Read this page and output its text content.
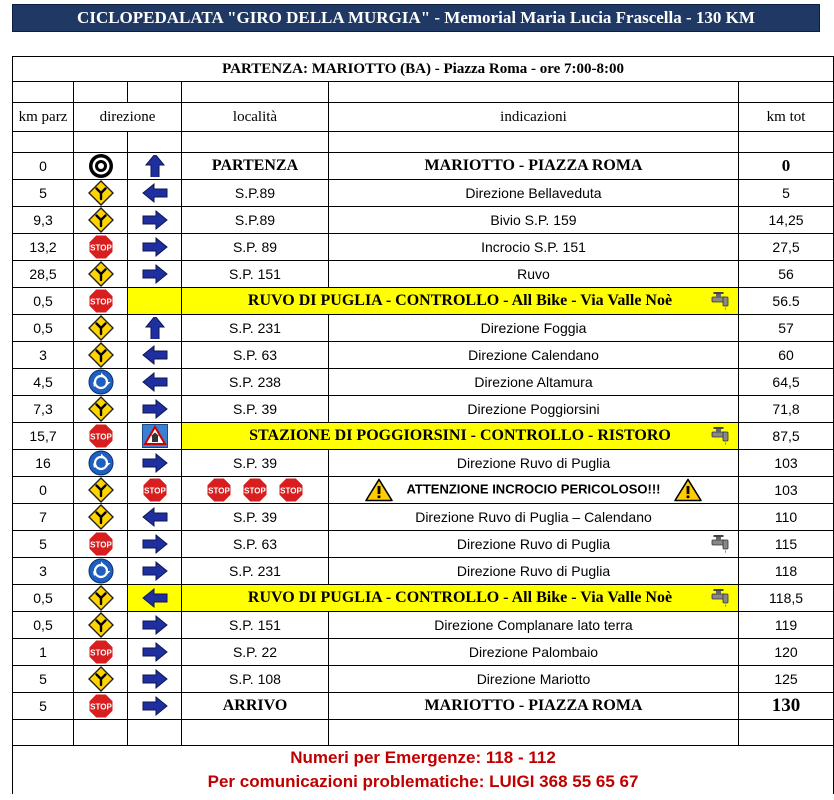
CICLOPEDALATA "GIRO DELLA MURGIA" - Memorial Maria Lucia Frascella - 130 KM
PARTENZA: MARIOTTO (BA) - Piazza Roma - ore 7:00-8:00					

km parz	direzione		località	indicazioni	km tot

0			PARTENZA	MARIOTTO - PIAZZA ROMA	0
5			S.P.89	Direzione Bellaveduta	5
9,3			S.P.89	Bivio S.P. 159	14,25
13,2	STOP		S.P. 89	Incrocio S.P. 151	27,5
28,5			S.P. 151	Ruvo	56
0,5	STOP		RUVO DI PUGLIA - CONTROLLO - All Bike - Via Valle Noè		56.5
0,5			S.P. 231	Direzione Foggia	57
3			S.P. 63	Direzione Calendano	60
4,5			S.P. 238	Direzione Altamura	64,5
7,3			S.P. 39	Direzione Poggiorsini	71,8
15,7	STOP		STAZIONE DI POGGIORSINI - CONTROLLO - RISTORO		87,5
16			S.P. 39	Direzione Ruvo di Puglia	103
0		STOP	STOP STOP STOP	ATTENZIONE INCROCIO PERICOLOSO!!!	103
7			S.P. 39	Direzione Ruvo di Puglia – Calendano	110
5	STOP		S.P. 63	Direzione Ruvo di Puglia	115
3			S.P. 231	Direzione Ruvo di Puglia	118
0,5			RUVO DI PUGLIA - CONTROLLO - All Bike - Via Valle Noè		118,5
0,5			S.P. 151	Direzione Complanare lato terra	119
1	STOP		S.P. 22	Direzione Palombaio	120
5			S.P. 108	Direzione Mariotto	125
5	STOP		ARRIVO	MARIOTTO - PIAZZA ROMA	130

Numeri per Emergenze: 118 - 112					
Per comunicazioni problematiche: LUIGI 368 55 65 67					
